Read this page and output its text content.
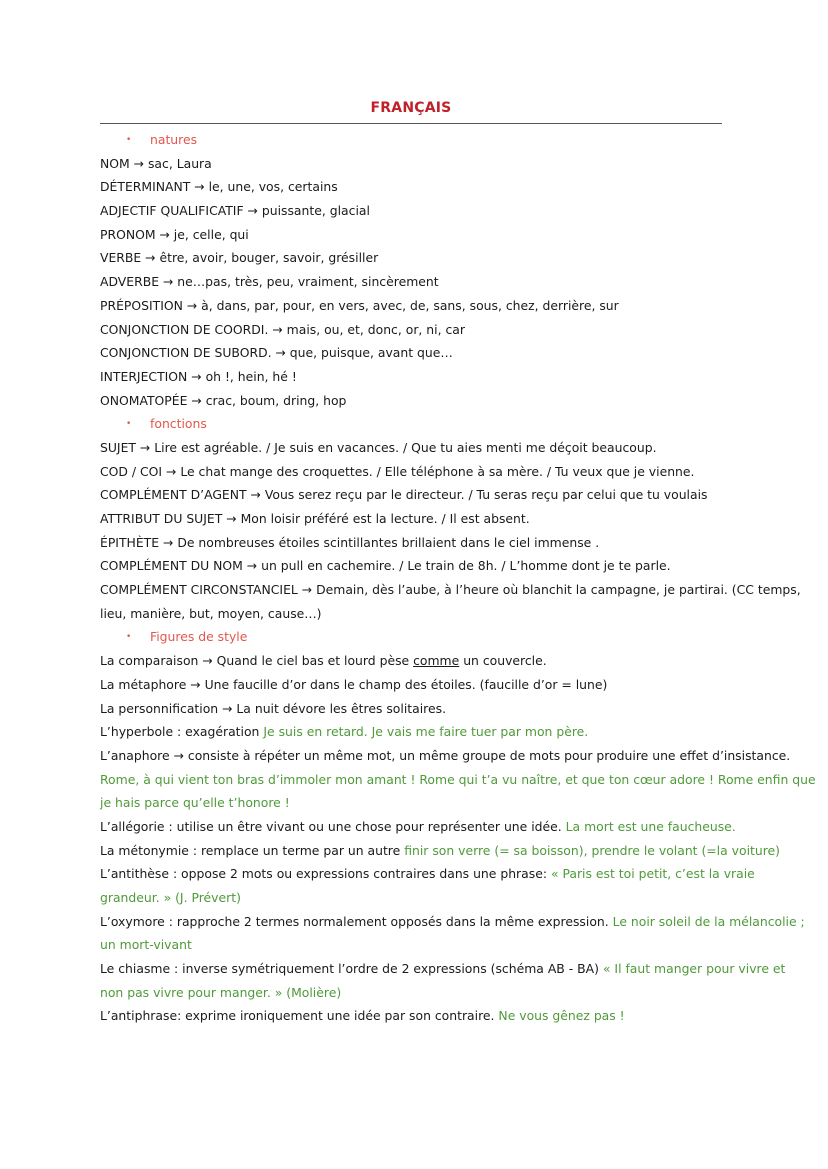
FRANÇAIS
• natures
NOM → sac, Laura
DÉTERMINANT → le, une, vos, certains
ADJECTIF QUALIFICATIF → puissante, glacial
PRONOM → je, celle, qui
VERBE → être, avoir, bouger, savoir, grésiller
ADVERBE → ne…pas, très, peu, vraiment, sincèrement
PRÉPOSITION → à, dans, par, pour, en vers, avec, de, sans, sous, chez, derrière, sur
CONJONCTION DE COORDI. → mais, ou, et, donc, or, ni, car
CONJONCTION DE SUBORD. → que, puisque, avant que…
INTERJECTION → oh !, hein, hé !
ONOMATOPÉE → crac, boum, dring, hop
• fonctions
SUJET → Lire est agréable. / Je suis en vacances. / Que tu aies menti me déçoit beaucoup.
COD / COI → Le chat mange des croquettes. / Elle téléphone à sa mère. / Tu veux que je vienne.
COMPLÉMENT D’AGENT → Vous serez reçu par le directeur. / Tu seras reçu par celui que tu voulais
ATTRIBUT DU SUJET → Mon loisir préféré est la lecture. / Il est absent.
ÉPITHÈTE → De nombreuses étoiles scintillantes brillaient dans le ciel immense .
COMPLÉMENT DU NOM → un pull en cachemire. / Le train de 8h. / L’homme dont je te parle.
COMPLÉMENT CIRCONSTANCIEL → Demain, dès l’aube, à l’heure où blanchit la campagne, je partirai. (CC temps,
lieu, manière, but, moyen, cause…)
• Figures de style
La comparaison → Quand le ciel bas et lourd pèse comme un couvercle.
La métaphore → Une faucille d’or dans le champ des étoiles. (faucille d’or = lune)
La personnification → La nuit dévore les êtres solitaires.
L’hyperbole : exagération Je suis en retard. Je vais me faire tuer par mon père.
L’anaphore → consiste à répéter un même mot, un même groupe de mots pour produire une effet d’insistance.
Rome, à qui vient ton bras d’immoler mon amant ! Rome qui t’a vu naître, et que ton cœur adore ! Rome enfin que
je hais parce qu’elle t’honore !
L’allégorie : utilise un être vivant ou une chose pour représenter une idée. La mort est une faucheuse.
La métonymie : remplace un terme par un autre finir son verre (= sa boisson), prendre le volant (=la voiture)
L’antithèse : oppose 2 mots ou expressions contraires dans une phrase: « Paris est toi petit, c’est la vraie
grandeur. » (J. Prévert)
L’oxymore : rapproche 2 termes normalement opposés dans la même expression. Le noir soleil de la mélancolie ;
un mort-vivant
Le chiasme : inverse symétriquement l’ordre de 2 expressions (schéma AB - BA) « Il faut manger pour vivre et
non pas vivre pour manger. » (Molière)
L’antiphrase: exprime ironiquement une idée par son contraire. Ne vous gênez pas !
